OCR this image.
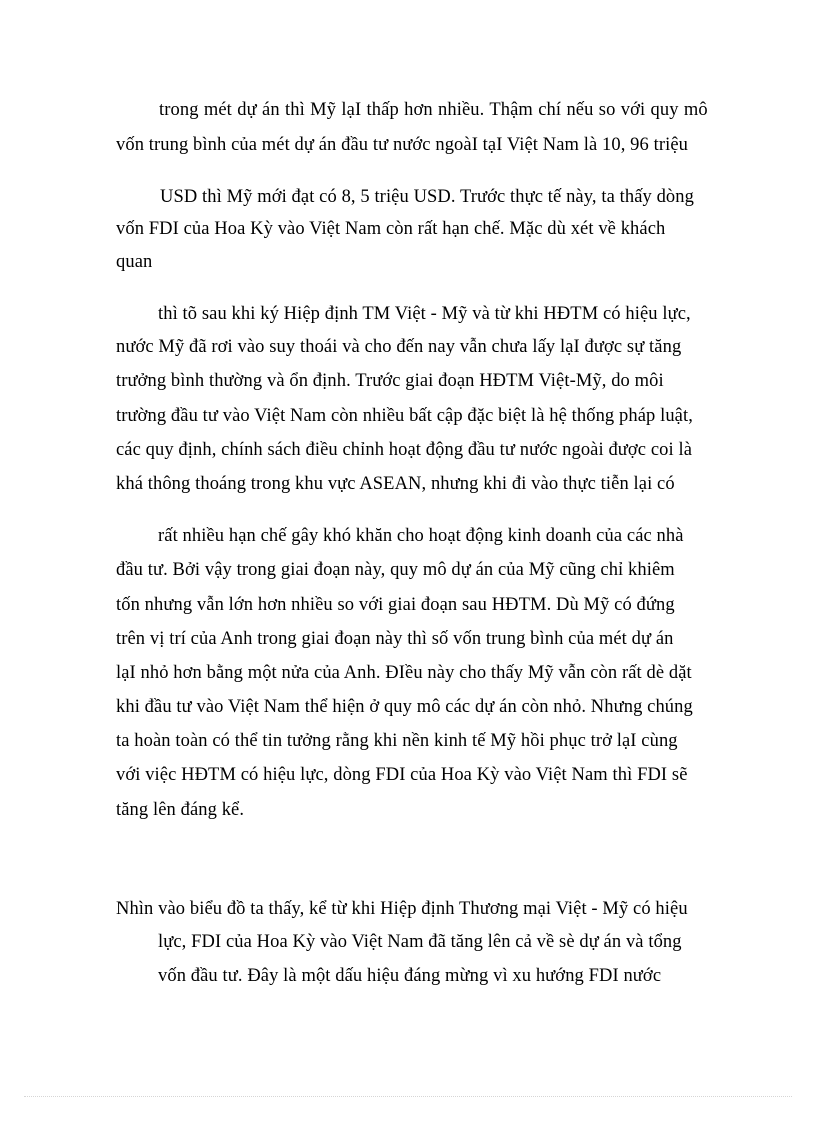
trong mét dự án thì Mỹ lạI thấp hơn nhiều. Thậm chí nếu so với quy mô
vốn trung bình của mét dự án đầu tư nước ngoàI tạI Việt Nam là 10, 96 triệu
USD thì Mỹ mới đạt có 8, 5 triệu USD. Trước thực tế này, ta thấy dòng
vốn FDI của Hoa Kỳ vào Việt Nam còn rất hạn chế. Mặc dù xét về khách
quan
thì tõ sau khi ký Hiệp định TM Việt - Mỹ và từ khi HĐTM có hiệu lực,
nước Mỹ đã rơi vào suy thoái và cho đến nay vẫn chưa lấy lạI được sự tăng
trưởng bình thường và ổn định. Trước giai đoạn HĐTM Việt-Mỹ, do môi
trường đầu tư vào Việt Nam còn nhiều bất cập đặc biệt là hệ thống pháp luật,
các quy định, chính sách điều chỉnh hoạt động đầu tư nước ngoài được coi là
khá thông thoáng trong khu vực ASEAN, nhưng khi đi vào thực tiễn lại có
rất nhiều hạn chế gây khó khăn cho hoạt động kinh doanh của các nhà
đầu tư. Bởi vậy trong giai đoạn này, quy mô dự án của Mỹ cũng chỉ khiêm
tốn nhưng vẫn lớn hơn nhiều so với giai đoạn sau HĐTM. Dù Mỹ có đứng
trên vị trí của Anh trong giai đoạn này thì số vốn trung bình của mét dự án
lạI nhỏ hơn bằng một nửa của Anh. ĐIều này cho thấy Mỹ vẫn còn rất dè dặt
khi đầu tư vào Việt Nam thể hiện ở quy mô các dự án còn nhỏ. Nhưng chúng
ta hoàn toàn có thể tin tưởng rằng khi nền kinh tế Mỹ hồi phục trở lạI cùng
với việc HĐTM có hiệu lực, dòng FDI của Hoa Kỳ vào Việt Nam thì FDI sẽ
tăng lên đáng kể.
Nhìn vào biểu đồ ta thấy, kể từ khi Hiệp định Thương mại Việt - Mỹ có hiệu
lực, FDI của Hoa Kỳ vào Việt Nam đã tăng lên cả về sè dự án và tổng
vốn đầu tư. Đây là một dấu hiệu đáng mừng vì xu hướng FDI nước
